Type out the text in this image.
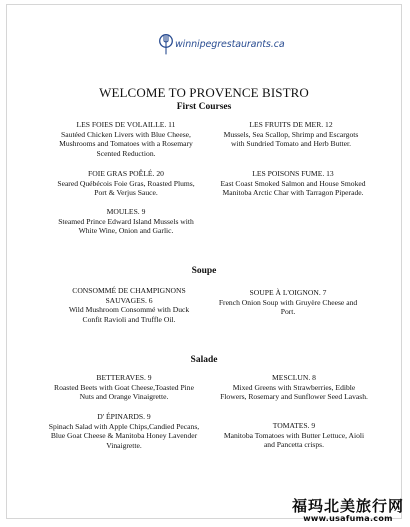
winnipegrestaurants.ca
WELCOME TO PROVENCE BISTRO
First Courses
LES FOIES DE VOLAILLE. 11
Sautéed Chicken Livers with Blue Cheese, Mushrooms and Tomatoes with a Rosemary Scented Reduction.
FOIE GRAS POÊLÉ. 20
Seared Québécois Foie Gras, Roasted Plums, Port & Verjus Sauce.
MOULES. 9
Steamed Prince Edward Island Mussels with White Wine, Onion and Garlic.
LES FRUITS DE MER. 12
Mussels, Sea Scallop, Shrimp and Escargots with Sundried Tomato and Herb Butter.
LES POISONS FUME. 13
East Coast Smoked Salmon and House Smoked Manitoba Arctic Char with Tarragon Piperade.
Soupe
CONSOMMÉ DE CHAMPIGNONS SAUVAGES. 6
Wild Mushroom Consommé with Duck Confit Ravioli and Truffle Oil.
SOUPE À L'OIGNON. 7
French Onion Soup with Gruyère Cheese and Port.
Salade
BETTERAVES. 9
Roasted Beets with Goat Cheese,Toasted Pine Nuts and Orange Vinaigrette.
D' ÉPINARDS. 9
Spinach Salad with Apple Chips,Candied Pecans, Blue Goat Cheese & Manitoba Honey Lavender Vinaigrette.
MESCLUN. 8
Mixed Greens with Strawberries, Edible Flowers, Rosemary and Sunflower Seed Lavash.
TOMATES. 9
Manitoba Tomatoes with Butter Lettuce, Aioli and Pancetta crisps.
福玛北美旅行网
www.usafuma.com
